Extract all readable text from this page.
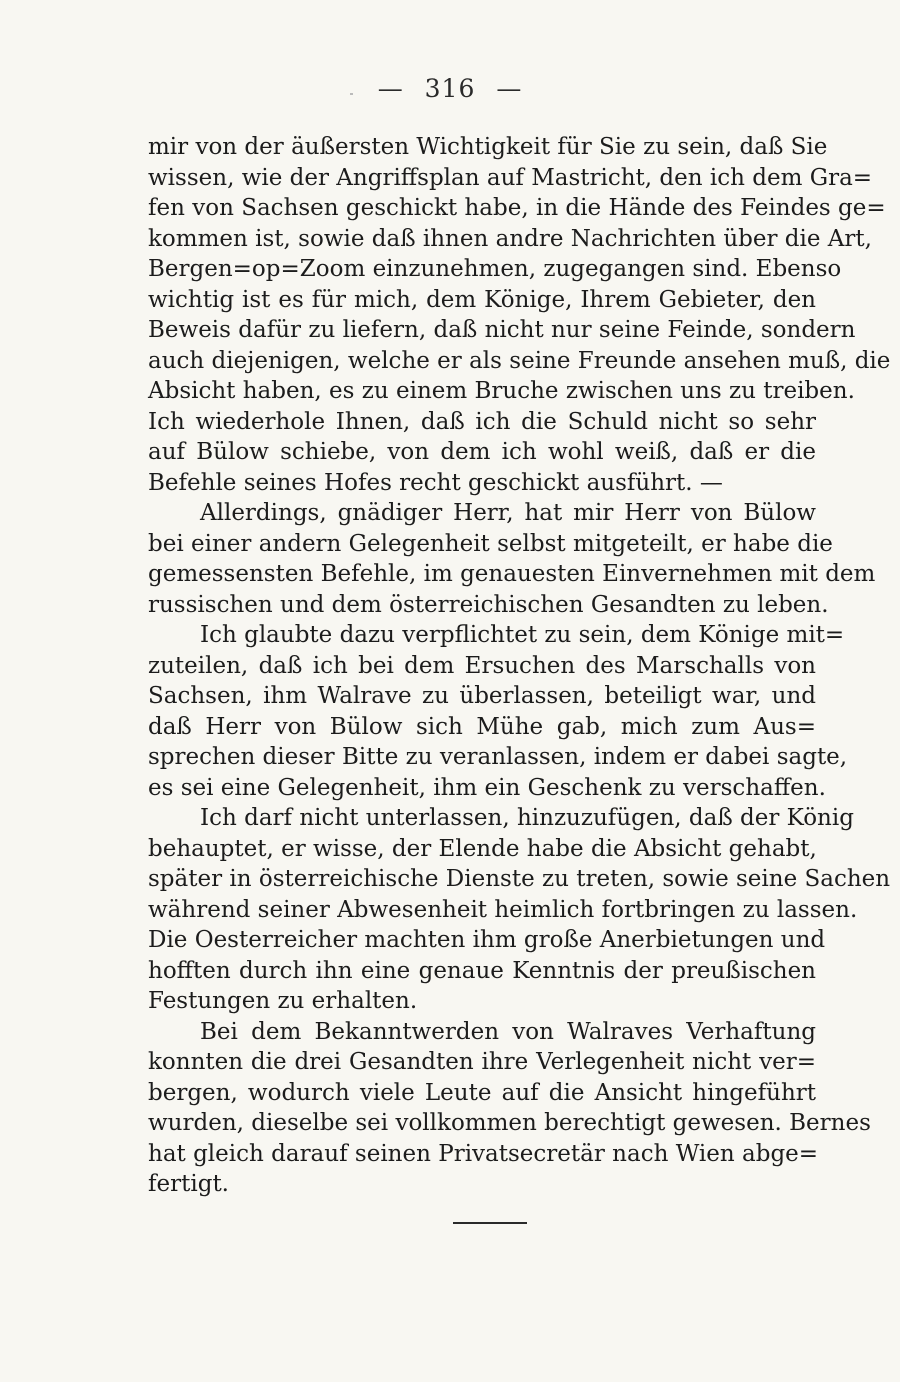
— 316 —
mir von der äußersten Wichtigkeit für Sie zu sein, daß Sie
wissen, wie der Angriffsplan auf Mastricht, den ich dem Gra=
fen von Sachsen geschickt habe, in die Hände des Feindes ge=
kommen ist, sowie daß ihnen andre Nachrichten über die Art,
Bergen=op=Zoom einzunehmen, zugegangen sind. Ebenso
wichtig ist es für mich, dem Könige, Ihrem Gebieter, den
Beweis dafür zu liefern, daß nicht nur seine Feinde, sondern
auch diejenigen, welche er als seine Freunde ansehen muß, die
Absicht haben, es zu einem Bruche zwischen uns zu treiben.
Ich wiederhole Ihnen, daß ich die Schuld nicht so sehr
auf Bülow schiebe, von dem ich wohl weiß, daß er die
Befehle seines Hofes recht geschickt ausführt. —
Allerdings, gnädiger Herr, hat mir Herr von Bülow
bei einer andern Gelegenheit selbst mitgeteilt, er habe die
gemessensten Befehle, im genauesten Einvernehmen mit dem
russischen und dem österreichischen Gesandten zu leben.
Ich glaubte dazu verpflichtet zu sein, dem Könige mit=
zuteilen, daß ich bei dem Ersuchen des Marschalls von
Sachsen, ihm Walrave zu überlassen, beteiligt war, und
daß Herr von Bülow sich Mühe gab, mich zum Aus=
sprechen dieser Bitte zu veranlassen, indem er dabei sagte,
es sei eine Gelegenheit, ihm ein Geschenk zu verschaffen.
Ich darf nicht unterlassen, hinzuzufügen, daß der König
behauptet, er wisse, der Elende habe die Absicht gehabt,
später in österreichische Dienste zu treten, sowie seine Sachen
während seiner Abwesenheit heimlich fortbringen zu lassen.
Die Oesterreicher machten ihm große Anerbietungen und
hofften durch ihn eine genaue Kenntnis der preußischen
Festungen zu erhalten.
Bei dem Bekanntwerden von Walraves Verhaftung
konnten die drei Gesandten ihre Verlegenheit nicht ver=
bergen, wodurch viele Leute auf die Ansicht hingeführt
wurden, dieselbe sei vollkommen berechtigt gewesen. Bernes
hat gleich darauf seinen Privatsecretär nach Wien abge=
fertigt.
